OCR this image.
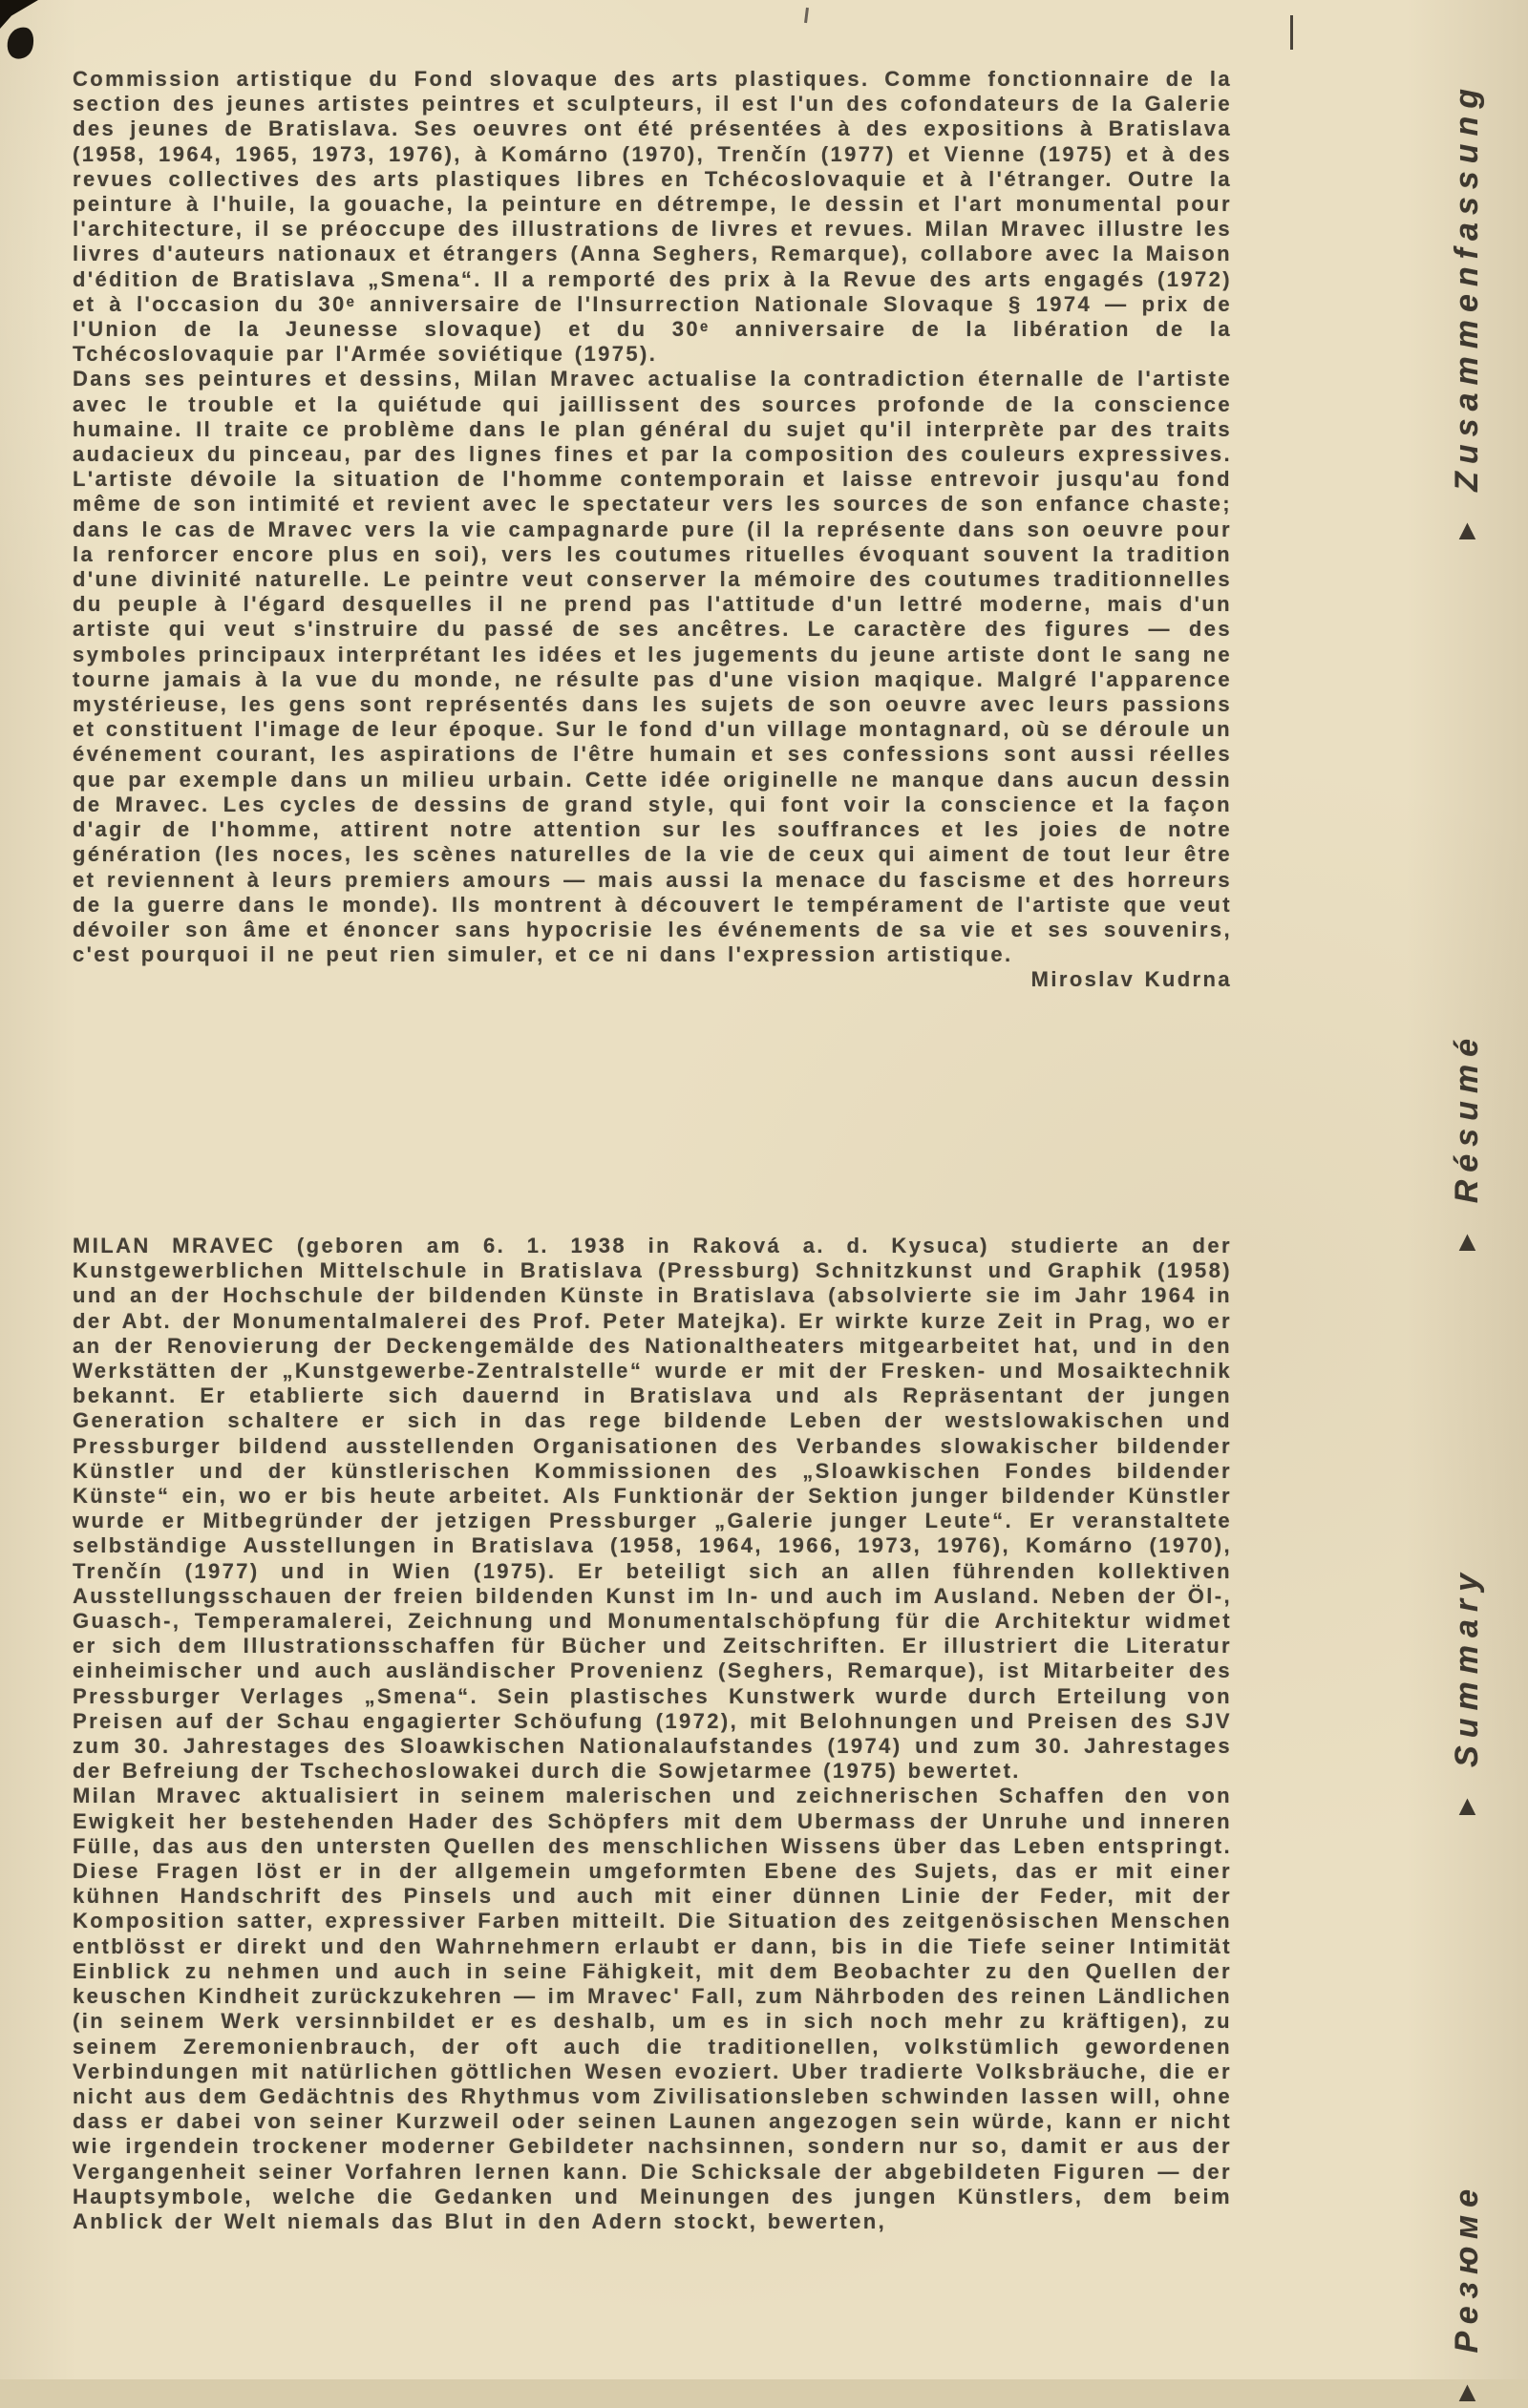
Commission artistique du Fond slovaque des arts plastiques. Comme fonctionnaire de la section des jeunes artistes peintres et sculpteurs, il est l'un des cofondateurs de la Galerie des jeunes de Bratislava. Ses oeuvres ont été présentées à des expositions à Bratislava (1958, 1964, 1965, 1973, 1976), à Komárno (1970), Trenčín (1977) et Vienne (1975) et à des revues collectives des arts plastiques libres en Tchécoslovaquie et à l'étranger. Outre la peinture à l'huile, la gouache, la peinture en détrempe, le dessin et l'art monumental pour l'architecture, il se préoccupe des illustrations de livres et revues. Milan Mravec illustre les livres d'auteurs nationaux et étrangers (Anna Seghers, Remarque), collabore avec la Maison d'édition de Bratislava „Smena“. Il a remporté des prix à la Revue des arts engagés (1972) et à l'occasion du 30ᵉ anniversaire de l'Insurrection Nationale Slovaque § 1974 — prix de l'Union de la Jeunesse slovaque) et du 30ᵉ anniversaire de la libération de la Tchécoslovaquie par l'Armée soviétique (1975).

Dans ses peintures et dessins, Milan Mravec actualise la contradiction éternalle de l'artiste avec le trouble et la quiétude qui jaillissent des sources profonde de la conscience humaine. Il traite ce problème dans le plan général du sujet qu'il interprète par des traits audacieux du pinceau, par des lignes fines et par la composition des couleurs expressives. L'artiste dévoile la situation de l'homme contemporain et laisse entrevoir jusqu'au fond même de son intimité et revient avec le spectateur vers les sources de son enfance chaste; dans le cas de Mravec vers la vie campagnarde pure (il la représente dans son oeuvre pour la renforcer encore plus en soi), vers les coutumes rituelles évoquant souvent la tradition d'une divinité naturelle. Le peintre veut conserver la mémoire des coutumes traditionnelles du peuple à l'égard desquelles il ne prend pas l'attitude d'un lettré moderne, mais d'un artiste qui veut s'instruire du passé de ses ancêtres. Le caractère des figures — des symboles principaux interprétant les idées et les jugements du jeune artiste dont le sang ne tourne jamais à la vue du monde, ne résulte pas d'une vision maqique. Malgré l'apparence mystérieuse, les gens sont représentés dans les sujets de son oeuvre avec leurs passions et constituent l'image de leur époque. Sur le fond d'un village montagnard, où se déroule un événement courant, les aspirations de l'être humain et ses confessions sont aussi réelles que par exemple dans un milieu urbain. Cette idée originelle ne manque dans aucun dessin de Mravec. Les cycles de dessins de grand style, qui font voir la conscience et la façon d'agir de l'homme, attirent notre attention sur les souffrances et les joies de notre génération (les noces, les scènes naturelles de la vie de ceux qui aiment de tout leur être et reviennent à leurs premiers amours — mais aussi la menace du fascisme et des horreurs de la guerre dans le monde). Ils montrent à découvert le tempérament de l'artiste que veut dévoiler son âme et énoncer sans hypocrisie les événements de sa vie et ses souvenirs, c'est pourquoi il ne peut rien simuler, et ce ni dans l'expression artistique.
Miroslav Kudrna

MILAN MRAVEC (geboren am 6. 1. 1938 in Raková a. d. Kysuca) studierte an der Kunstgewerblichen Mittelschule in Bratislava (Pressburg) Schnitzkunst und Graphik (1958) und an der Hochschule der bildenden Künste in Bratislava (absolvierte sie im Jahr 1964 in der Abt. der Monumentalmalerei des Prof. Peter Matejka). Er wirkte kurze Zeit in Prag, wo er an der Renovierung der Deckengemälde des Nationaltheaters mitgearbeitet hat, und in den Werkstätten der „Kunstgewerbe-Zentralstelle“ wurde er mit der Fresken- und Mosaiktechnik bekannt. Er etablierte sich dauernd in Bratislava und als Repräsentant der jungen Generation schaltere er sich in das rege bildende Leben der westslowakischen und Pressburger bildend ausstellenden Organisationen des Verbandes slowakischer bildender Künstler und der künstlerischen Kommissionen des „Sloawkischen Fondes bildender Künste“ ein, wo er bis heute arbeitet. Als Funktionär der Sektion junger bildender Künstler wurde er Mitbegründer der jetzigen Pressburger „Galerie junger Leute“. Er veranstaltete selbständige Ausstellungen in Bratislava (1958, 1964, 1966, 1973, 1976), Komárno (1970), Trenčín (1977) und in Wien (1975). Er beteiligt sich an allen führenden kollektiven Ausstellungsschauen der freien bildenden Kunst im In- und auch im Ausland. Neben der Öl-, Guasch-, Temperamalerei, Zeichnung und Monumentalschöpfung für die Architektur widmet er sich dem Illustrationsschaffen für Bücher und Zeitschriften. Er illustriert die Literatur einheimischer und auch ausländischer Provenienz (Seghers, Remarque), ist Mitarbeiter des Pressburger Verlages „Smena“. Sein plastisches Kunstwerk wurde durch Erteilung von Preisen auf der Schau engagierter Schöufung (1972), mit Belohnungen und Preisen des SJV zum 30. Jahrestages des Sloawkischen Nationalaufstandes (1974) und zum 30. Jahrestages der Befreiung der Tschechoslowakei durch die Sowjetarmee (1975) bewertet.

Milan Mravec aktualisiert in seinem malerischen und zeichnerischen Schaffen den von Ewigkeit her bestehenden Hader des Schöpfers mit dem Ubermass der Unruhe und inneren Fülle, das aus den untersten Quellen des menschlichen Wissens über das Leben entspringt. Diese Fragen löst er in der allgemein umgeformten Ebene des Sujets, das er mit einer kühnen Handschrift des Pinsels und auch mit einer dünnen Linie der Feder, mit der Komposition satter, expressiver Farben mitteilt. Die Situation des zeitgenösischen Menschen entblösst er direkt und den Wahrnehmern erlaubt er dann, bis in die Tiefe seiner Intimität Einblick zu nehmen und auch in seine Fähigkeit, mit dem Beobachter zu den Quellen der keuschen Kindheit zurückzukehren — im Mravec' Fall, zum Nährboden des reinen Ländlichen (in seinem Werk versinnbildet er es deshalb, um es in sich noch mehr zu kräftigen), zu seinem Zeremonienbrauch, der oft auch die traditionellen, volkstümlich gewordenen Verbindungen mit natürlichen göttlichen Wesen evoziert. Uber tradierte Volksbräuche, die er nicht aus dem Gedächtnis des Rhythmus vom Zivilisationsleben schwinden lassen will, ohne dass er dabei von seiner Kurzweil oder seinen Launen angezogen sein würde, kann er nicht wie irgendein trockener moderner Gebildeter nachsinnen, sondern nur so, damit er aus der Vergangenheit seiner Vorfahren lernen kann. Die Schicksale der abgebildeten Figuren — der Hauptsymbole, welche die Gedanken und Meinungen des jungen Künstlers, dem beim Anblick der Welt niemals das Blut in den Adern stockt, bewerten,

Zusammenfassung
▲
Résumé
▲
Summary
▲
Резюме
▲
